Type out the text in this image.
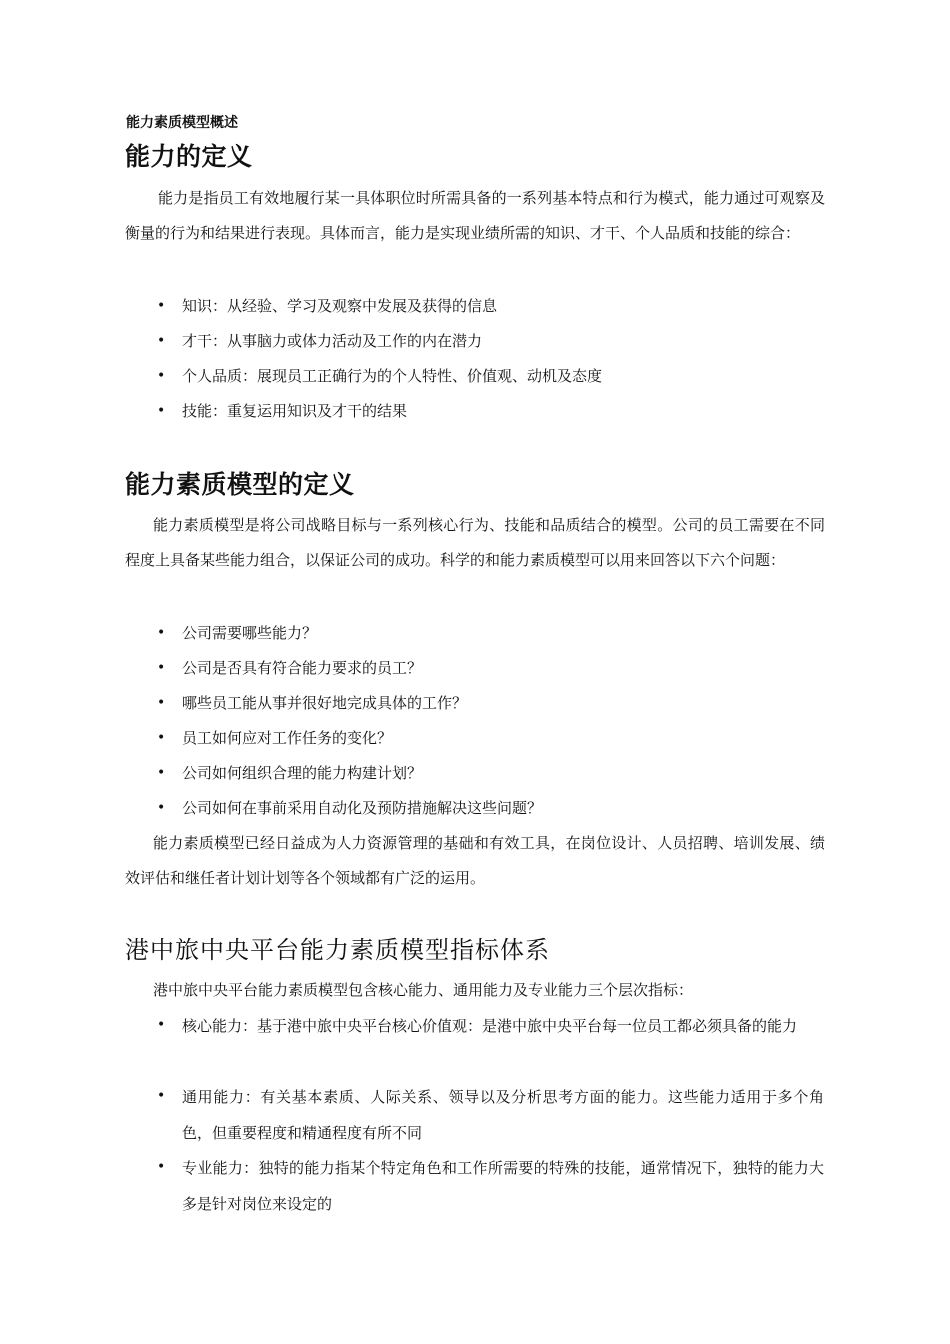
能力素质模型概述
能力的定义

能力是指员工有效地履行某一具体职位时所需具备的一系列基本特点和行为模式，能力通过可观察及衡量的行为和结果进行表现。具体而言，能力是实现业绩所需的知识、才干、个人品质和技能的综合：

• 知识：从经验、学习及观察中发展及获得的信息
• 才干：从事脑力或体力活动及工作的内在潜力
• 个人品质：展现员工正确行为的个人特性、价值观、动机及态度
• 技能：重复运用知识及才干的结果
能力素质模型的定义

能力素质模型是将公司战略目标与一系列核心行为、技能和品质结合的模型。公司的员工需要在不同程度上具备某些能力组合，以保证公司的成功。科学的和能力素质模型可以用来回答以下六个问题：

• 公司需要哪些能力？
• 公司是否具有符合能力要求的员工？
• 哪些员工能从事并很好地完成具体的工作？
• 员工如何应对工作任务的变化？
• 公司如何组织合理的能力构建计划？
• 公司如何在事前采用自动化及预防措施解决这些问题？

能力素质模型已经日益成为人力资源管理的基础和有效工具，在岗位设计、人员招聘、培训发展、绩效评估和继任者计划计划等各个领域都有广泛的运用。

港中旅中央平台能力素质模型指标体系

港中旅中央平台能力素质模型包含核心能力、通用能力及专业能力三个层次指标：

• 核心能力：基于港中旅中央平台核心价值观：是港中旅中央平台每一位员工都必须具备的能力
• 通用能力：有关基本素质、人际关系、领导以及分析思考方面的能力。这些能力适用于多个角色，但重要程度和精通程度有所不同
• 专业能力：独特的能力指某个特定角色和工作所需要的特殊的技能，通常情况下，独特的能力大多是针对岗位来设定的
